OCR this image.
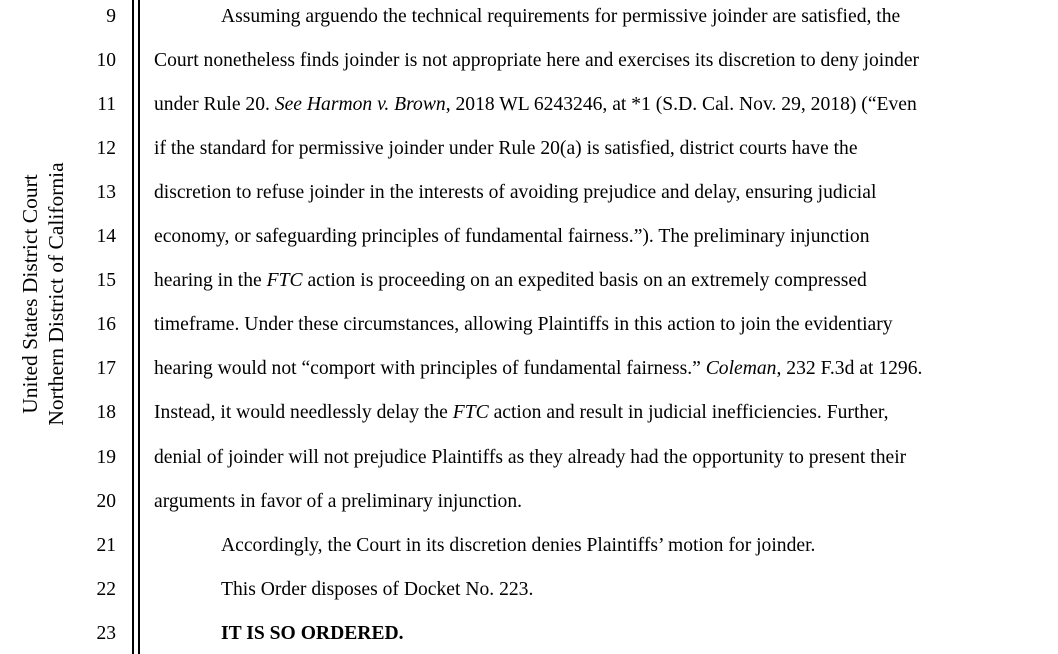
United States District Court Northern District of California
9	Assuming arguendo the technical requirements for permissive joinder are satisfied, the
10 Court nonetheless finds joinder is not appropriate here and exercises its discretion to deny joinder
11 under Rule 20. See Harmon v. Brown, 2018 WL 6243246, at *1 (S.D. Cal. Nov. 29, 2018) (“Even
12 if the standard for permissive joinder under Rule 20(a) is satisfied, district courts have the
13 discretion to refuse joinder in the interests of avoiding prejudice and delay, ensuring judicial
14 economy, or safeguarding principles of fundamental fairness.”). The preliminary injunction
15 hearing in the FTC action is proceeding on an expedited basis on an extremely compressed
16 timeframe. Under these circumstances, allowing Plaintiffs in this action to join the evidentiary
17 hearing would not “comport with principles of fundamental fairness.” Coleman, 232 F.3d at 1296.
18 Instead, it would needlessly delay the FTC action and result in judicial inefficiencies. Further,
19 denial of joinder will not prejudice Plaintiffs as they already had the opportunity to present their
20 arguments in favor of a preliminary injunction.
21	Accordingly, the Court in its discretion denies Plaintiffs’ motion for joinder.
22	This Order disposes of Docket No. 223.
23	IT IS SO ORDERED.
